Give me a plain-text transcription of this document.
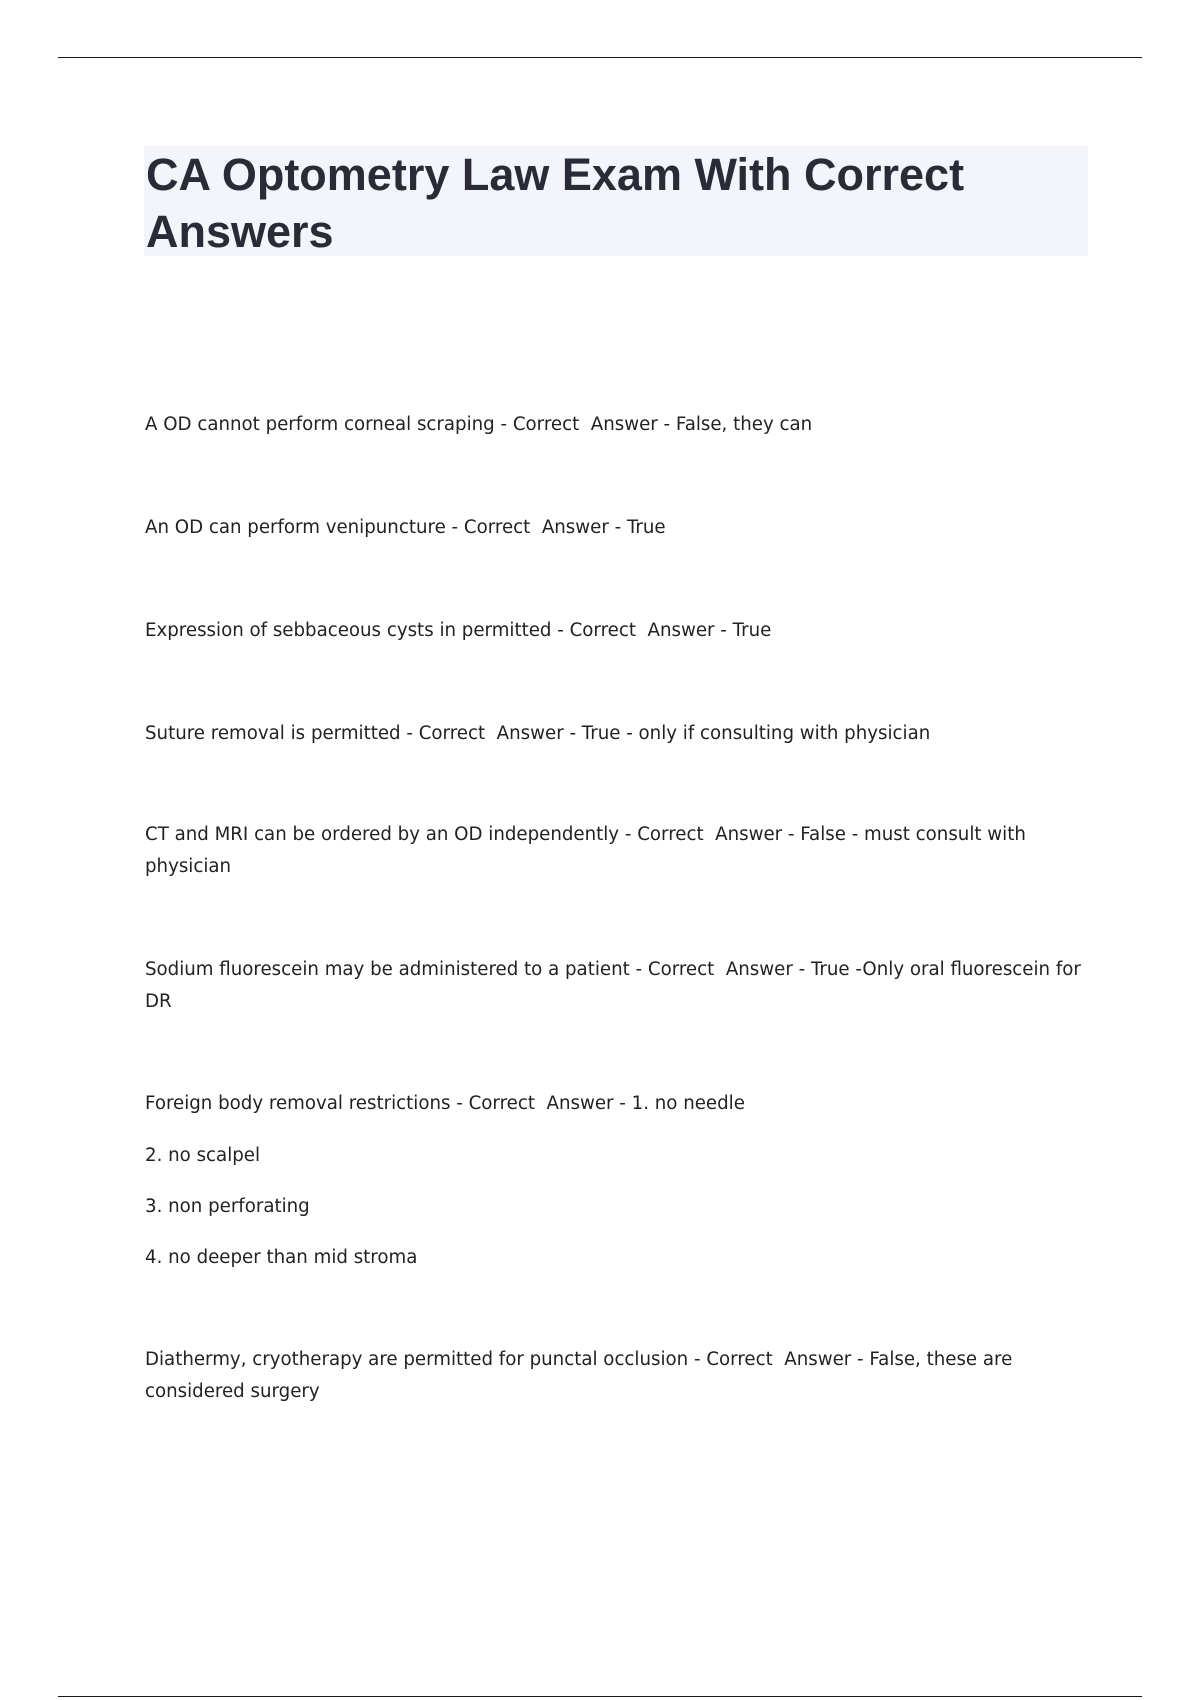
CA Optometry Law Exam With Correct Answers

A OD cannot perform corneal scraping - Correct  Answer - False, they can

An OD can perform venipuncture - Correct  Answer - True

Expression of sebbaceous cysts in permitted - Correct  Answer - True

Suture removal is permitted - Correct  Answer - True - only if consulting with physician

CT and MRI can be ordered by an OD independently - Correct  Answer - False - must consult with physician

Sodium fluorescein may be administered to a patient - Correct  Answer - True -Only oral fluorescein for DR

Foreign body removal restrictions - Correct  Answer - 1. no needle

2. no scalpel

3. non perforating

4. no deeper than mid stroma

Diathermy, cryotherapy are permitted for punctal occlusion - Correct  Answer - False, these are considered surgery
